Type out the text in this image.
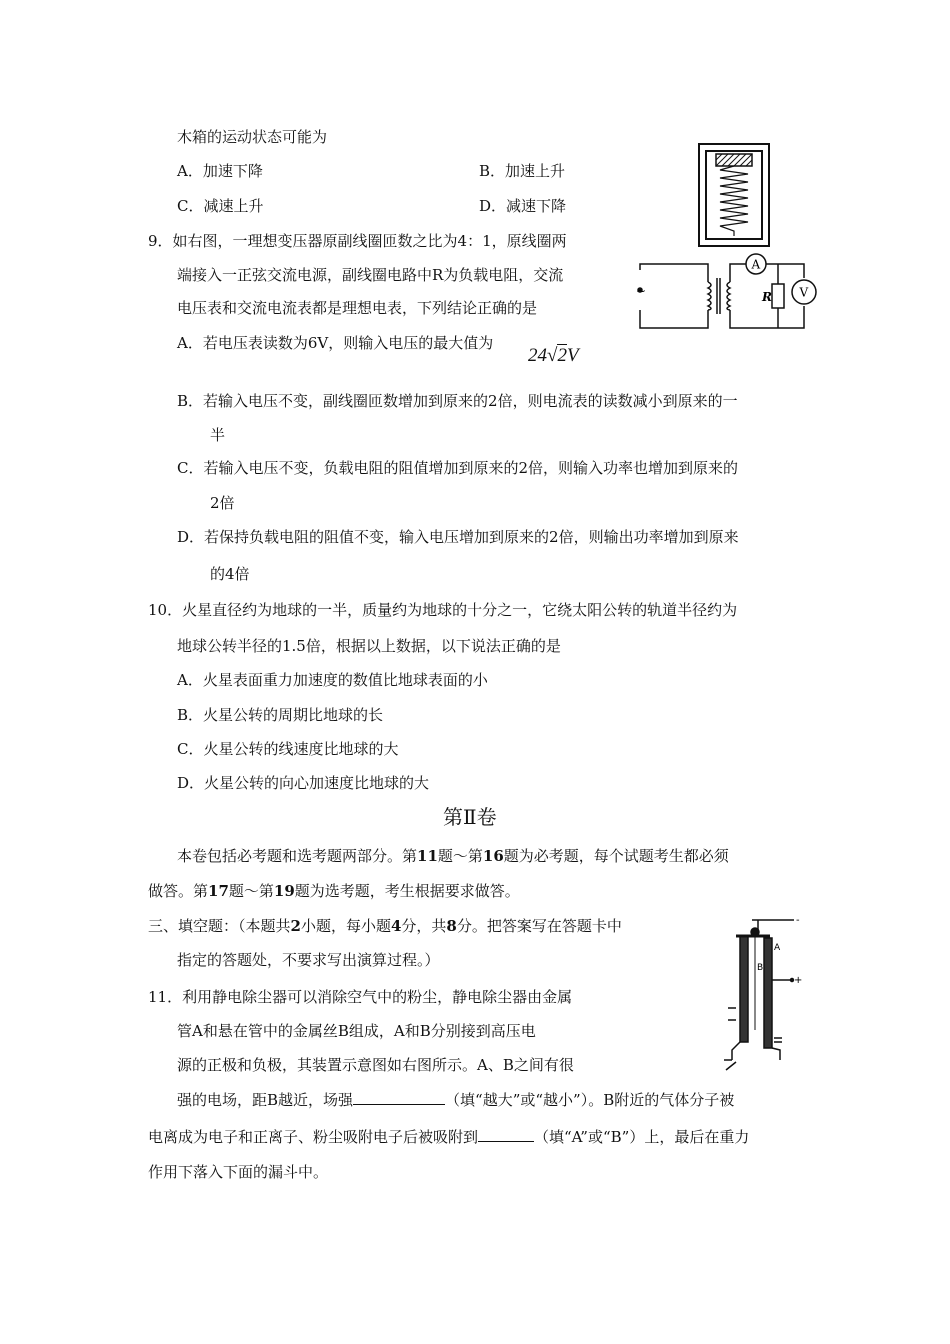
木箱的运动状态可能为
A．加速下降	B．加速上升
C．减速上升	D．减速下降
9．如右图，一理想变压器原副线圈匝数之比为4：1，原线圈两
端接入一正弦交流电源，副线圈电路中R为负载电阻，交流
电压表和交流电流表都是理想电表，下列结论正确的是
A．若电压表读数为6V，则输入电压的最大值为
24√2V
~
A
R V
B．若输入电压不变，副线圈匝数增加到原来的2倍，则电流表的读数减小到原来的一
半
C．若输入电压不变，负载电阻的阻值增加到原来的2倍，则输入功率也增加到原来的
2倍
D．若保持负载电阻的阻值不变，输入电压增加到原来的2倍，则输出功率增加到原来
的4倍
10．火星直径约为地球的一半，质量约为地球的十分之一，它绕太阳公转的轨道半径约为
地球公转半径的1.5倍，根据以上数据，以下说法正确的是
A．火星表面重力加速度的数值比地球表面的小
B．火星公转的周期比地球的长
C．火星公转的线速度比地球的大
D．火星公转的向心加速度比地球的大
第Ⅱ卷
本卷包括必考题和选考题两部分。第11题～第16题为必考题，每个试题考生都必须
做答。第17题～第19题为选考题，考生根据要求做答。
三、填空题：（本题共2小题，每小题4分，共8分。把答案写在答题卡中
指定的答题处，不要求写出演算过程。）
11．利用静电除尘器可以消除空气中的粉尘，静电除尘器由金属
管A和悬在管中的金属丝B组成，A和B分别接到高压电
源的正极和负极，其装置示意图如右图所示。A、B之间有很
强的电场，距B越近，场强	（填“越大”或“越小”）。B附近的气体分子被
电离成为电子和正离子、粉尘吸附电子后被吸附到	（填“A”或“B”）上，最后在重力
作用下落入下面的漏斗中。
-
+
A
B
